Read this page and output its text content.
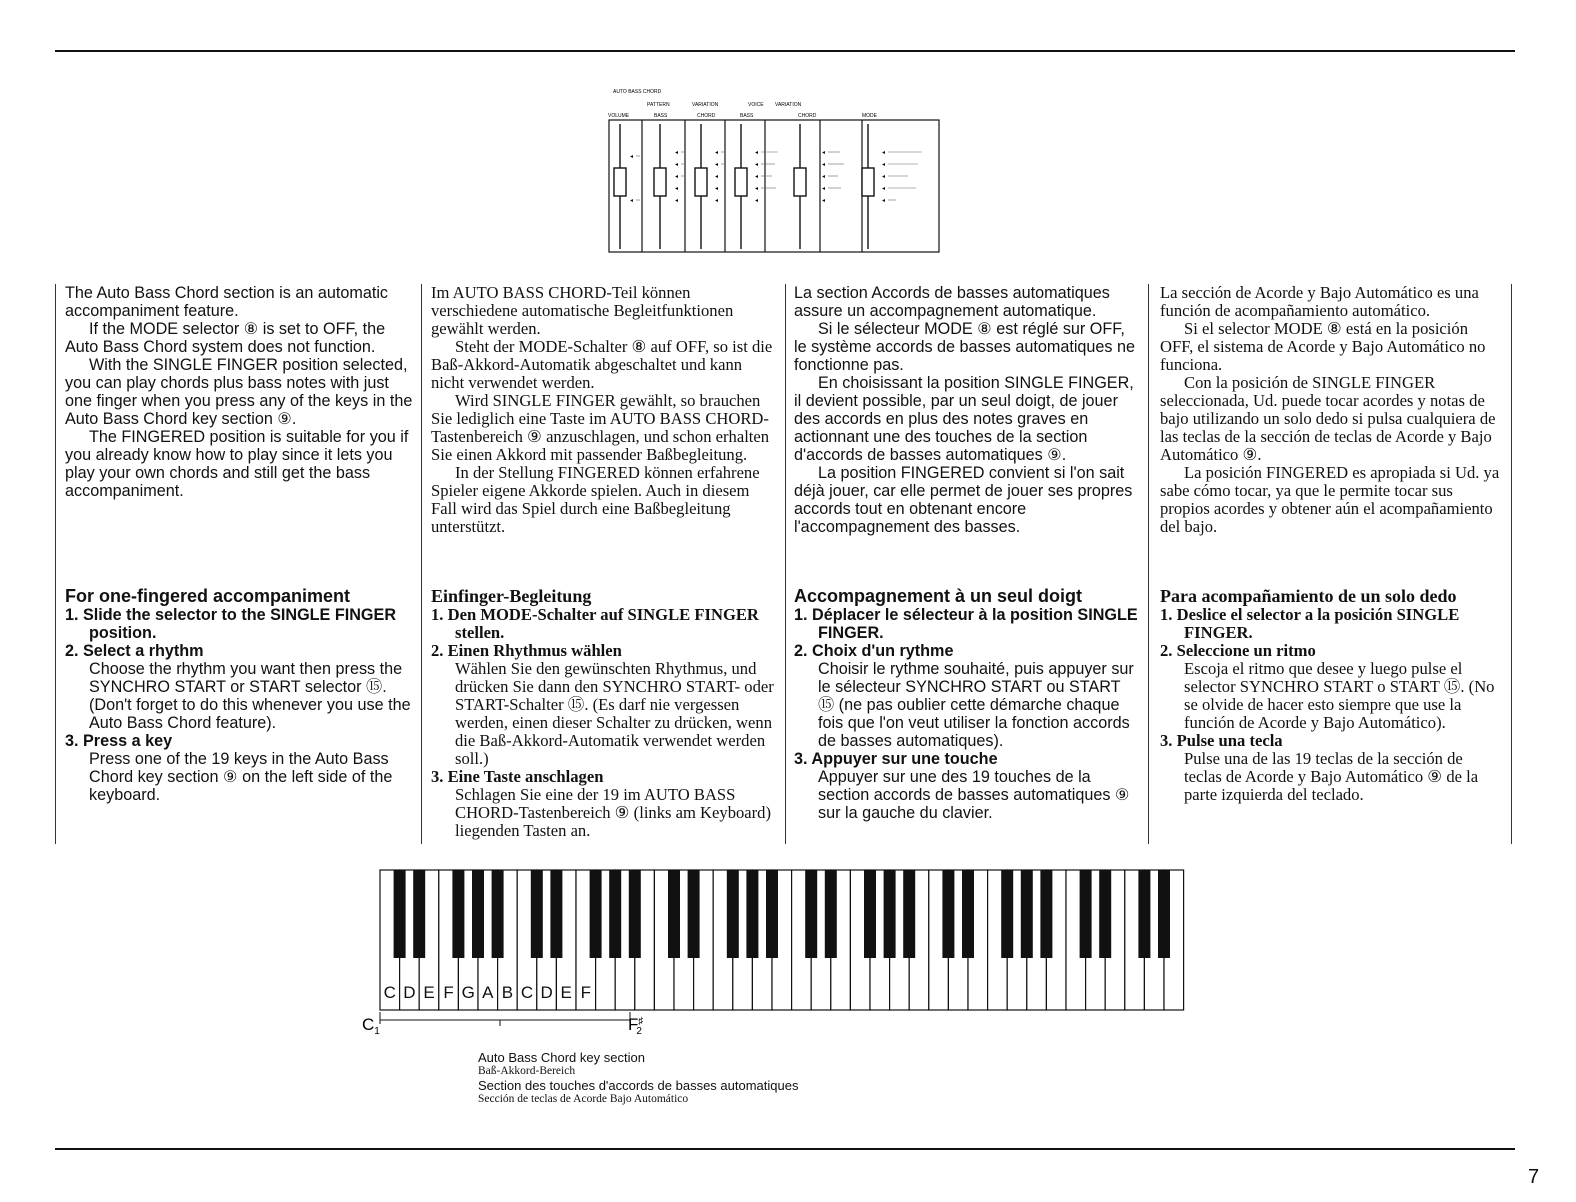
AUTO BASS CHORD
PATTERN	VARIATION	VOICE VARIATION
VOLUME	BASS	CHORD	BASS	CHORD	MODE
◂
◂
◂
◂
◂
◂
◂
◂
◂
◂
◂
◂
◂
◂
◂
◂
◂
◂
◂
◂
◂
◂
◂
◂
◂
◂
◂

The Auto Bass Chord section is an automatic accompaniment feature.

If the MODE selector ⑧ is set to OFF, the Auto Bass Chord system does not function.

With the SINGLE FINGER position selected, you can play chords plus bass notes with just one finger when you press any of the keys in the Auto Bass Chord key section ⑨.

The FINGERED position is suitable for you if you already know how to play since it lets you play your own chords and still get the bass accompaniment.

For one-fingered accompaniment
1. Slide the selector to the SINGLE FINGER position.
2. Select a rhythm
Choose the rhythm you want then press the SYNCHRO START or START selector ⑮. (Don't forget to do this whenever you use the Auto Bass Chord feature).
3. Press a key
Press one of the 19 keys in the Auto Bass Chord key section ⑨ on the left side of the keyboard.

Im AUTO BASS CHORD-Teil können verschiedene automatische Begleitfunktionen gewählt werden.

Steht der MODE-Schalter ⑧ auf OFF, so ist die Baß-Akkord-Automatik abgeschaltet und kann nicht verwendet werden.

Wird SINGLE FINGER gewählt, so brauchen Sie lediglich eine Taste im AUTO BASS CHORD-Tastenbereich ⑨ anzuschlagen, und schon erhalten Sie einen Akkord mit passender Baßbegleitung.

In der Stellung FINGERED können erfahrene Spieler eigene Akkorde spielen. Auch in diesem Fall wird das Spiel durch eine Baßbegleitung unterstützt.

Einfinger-Begleitung
1. Den MODE-Schalter auf SINGLE FINGER stellen.
2. Einen Rhythmus wählen
Wählen Sie den gewünschten Rhythmus, und drücken Sie dann den SYNCHRO START- oder START-Schalter ⑮. (Es darf nie vergessen werden, einen dieser Schalter zu drücken, wenn die Baß-Akkord-Automatik verwendet werden soll.)
3. Eine Taste anschlagen
Schlagen Sie eine der 19 im AUTO BASS CHORD-Tastenbereich ⑨ (links am Keyboard) liegenden Tasten an.

La section Accords de basses automatiques assure un accompagnement automatique.

Si le sélecteur MODE ⑧ est réglé sur OFF, le système accords de basses automatiques ne fonctionne pas.

En choisissant la position SINGLE FINGER, il devient possible, par un seul doigt, de jouer des accords en plus des notes graves en actionnant une des touches de la section d'accords de basses automatiques ⑨.

La position FINGERED convient si l'on sait déjà jouer, car elle permet de jouer ses propres accords tout en obtenant encore l'accompagnement des basses.

Accompagnement à un seul doigt
1. Déplacer le sélecteur à la position SINGLE FINGER.
2. Choix d'un rythme
Choisir le rythme souhaité, puis appuyer sur le sélecteur SYNCHRO START ou START ⑮ (ne pas oublier cette démarche chaque fois que l'on veut utiliser la fonction accords de basses automatiques).
3. Appuyer sur une touche
Appuyer sur une des 19 touches de la section accords de basses automatiques ⑨ sur la gauche du clavier.

La sección de Acorde y Bajo Automático es una función de acompañamiento automático.

Si el selector MODE ⑧ está en la posición OFF, el sistema de Acorde y Bajo Automático no funciona.

Con la posición de SINGLE FINGER seleccionada, Ud. puede tocar acordes y notas de bajo utilizando un solo dedo si pulsa cualquiera de las teclas de la sección de teclas de Acorde y Bajo Automático ⑨.

La posición FINGERED es apropiada si Ud. ya sabe cómo tocar, ya que le permite tocar sus propios acordes y obtener aún el acompañamiento del bajo.

Para acompañamiento de un solo dedo
1. Deslice el selector a la posición SINGLE FINGER.
2. Seleccione un ritmo
Escoja el ritmo que desee y luego pulse el selector SYNCHRO START o START ⑮. (No se olvide de hacer esto siempre que use la función de Acorde y Bajo Automático).
3. Pulse una tecla
Pulse una de las 19 teclas de la sección de teclas de Acorde y Bajo Automático ⑨ de la parte izquierda del teclado.
C D E F G A B C D E F
$C_1$	F♯ 2
Auto Bass Chord key section
Baß-Akkord-Bereich
Section des touches d'accords de basses automatiques
Sección de teclas de Acorde Bajo Automático
7
